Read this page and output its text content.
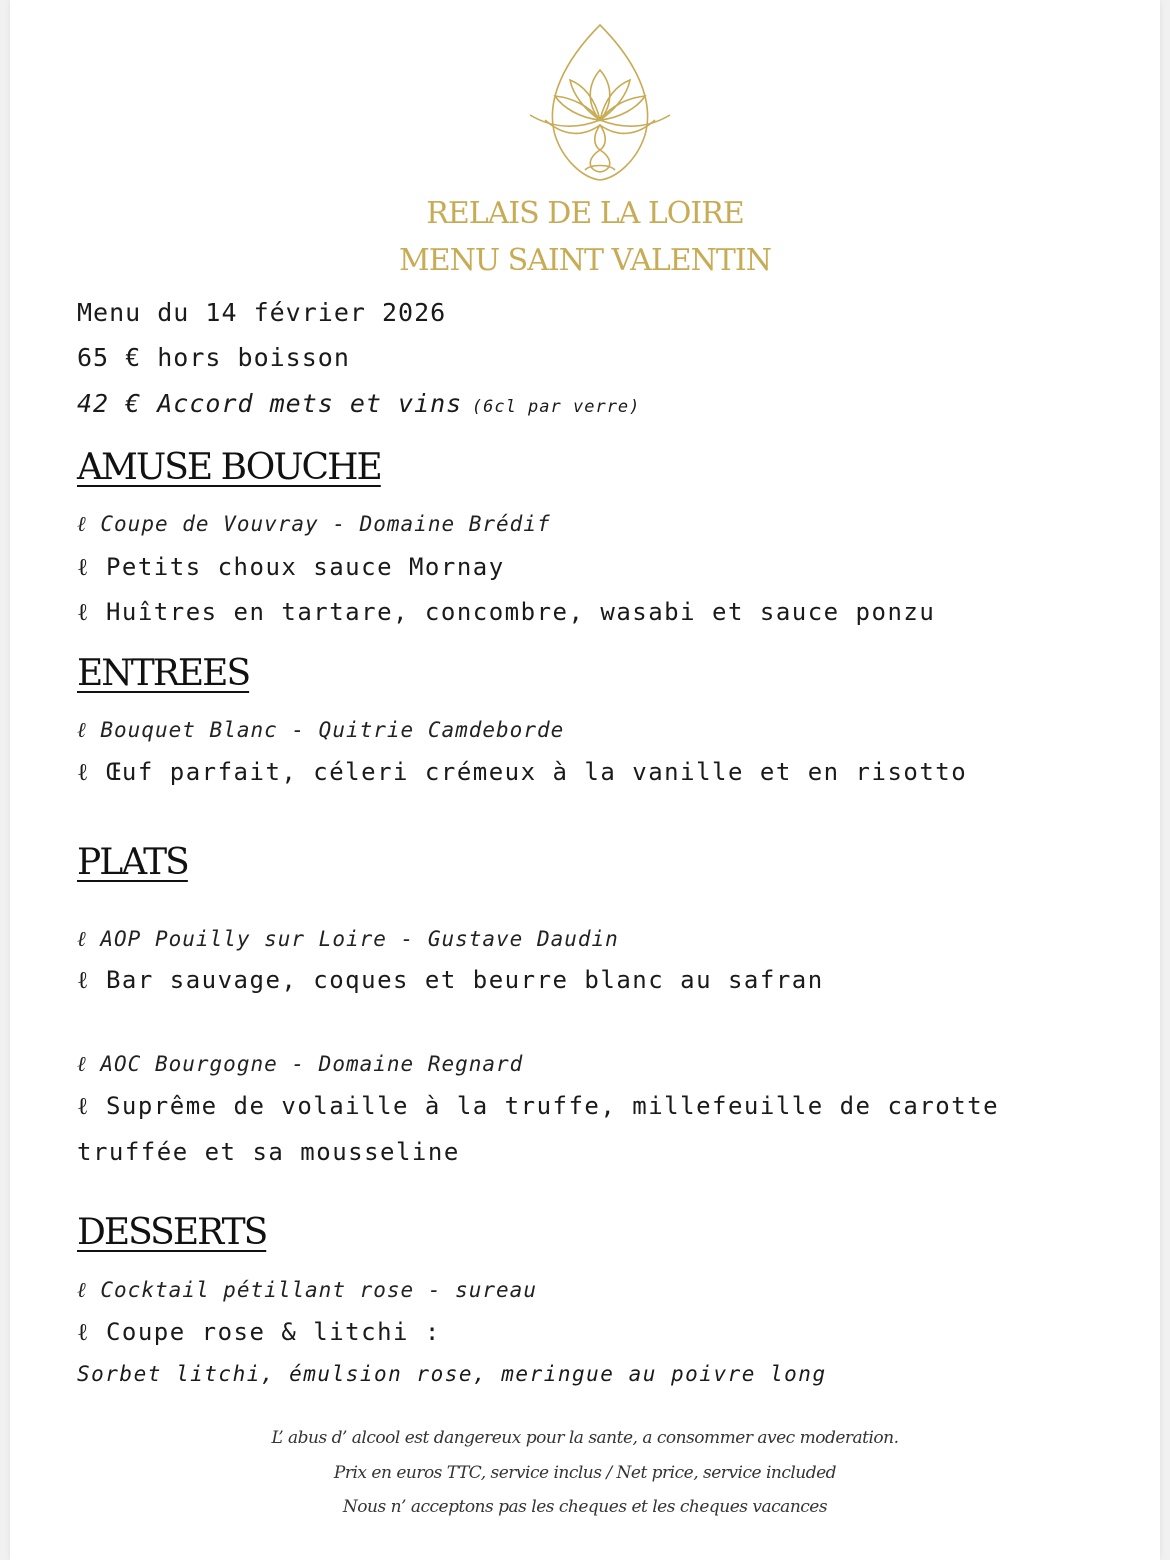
RELAIS DE LA LOIRE
MENU SAINT VALENTIN
Menu du 14 février 2026
65 € hors boisson
42 € Accord mets et vins (6cl par verre)
AMUSE BOUCHE
ℓ Coupe de Vouvray - Domaine Brédif
ℓ Petits choux sauce Mornay
ℓ Huîtres en tartare, concombre, wasabi et sauce ponzu
ENTREES
ℓ Bouquet Blanc - Quitrie Camdeborde
ℓ Œuf parfait, céleri crémeux à la vanille et en risotto
PLATS
ℓ AOP Pouilly sur Loire - Gustave Daudin
ℓ Bar sauvage, coques et beurre blanc au safran
ℓ AOC Bourgogne - Domaine Regnard
ℓ Suprême de volaille à la truffe, millefeuille de carotte
truffée et sa mousseline
DESSERTS
ℓ Cocktail pétillant rose - sureau
ℓ Coupe rose & litchi :
Sorbet litchi, émulsion rose, meringue au poivre long
L’ abus d’ alcool est dangereux pour la sante, a consommer avec moderation.
Prix en euros TTC, service inclus / Net price, service included
Nous n’ acceptons pas les cheques et les cheques vacances
